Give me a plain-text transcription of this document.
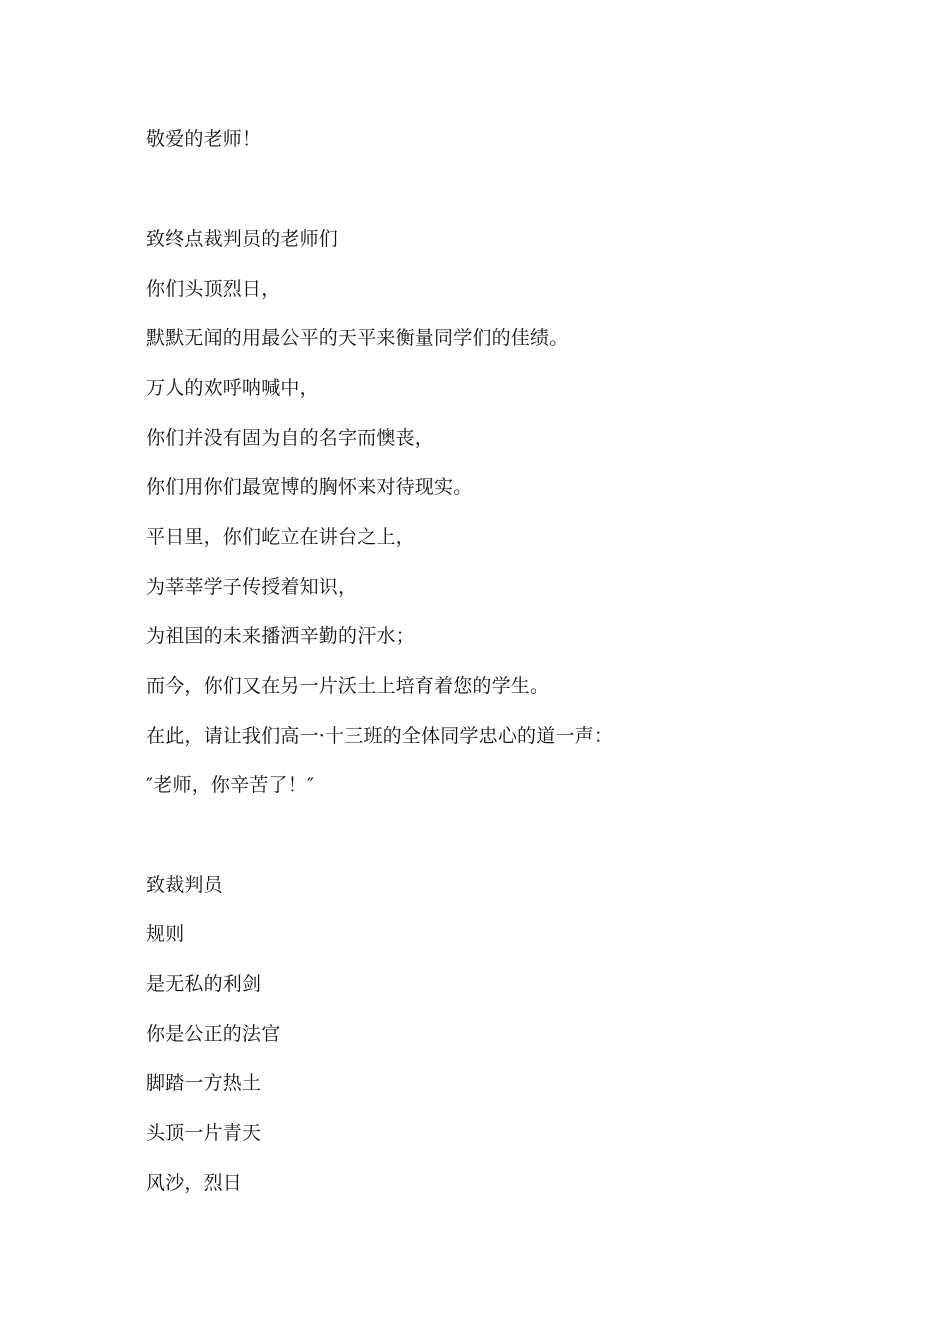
敬爱的老师！
致终点裁判员的老师们
你们头顶烈日，
默默无闻的用最公平的天平来衡量同学们的佳绩。
万人的欢呼呐喊中，
你们并没有固为自的名字而懊丧，
你们用你们最宽博的胸怀来对待现实。
平日里，你们屹立在讲台之上，
为莘莘学子传授着知识，
为祖国的未来播洒辛勤的汗水；
而今，你们又在另一片沃土上培育着您的学生。
在此，请让我们高一·十三班的全体同学忠心的道一声：
″老师，你辛苦了！″
致裁判员
规则
是无私的利剑
你是公正的法官
脚踏一方热土
头顶一片青天
风沙，烈日
